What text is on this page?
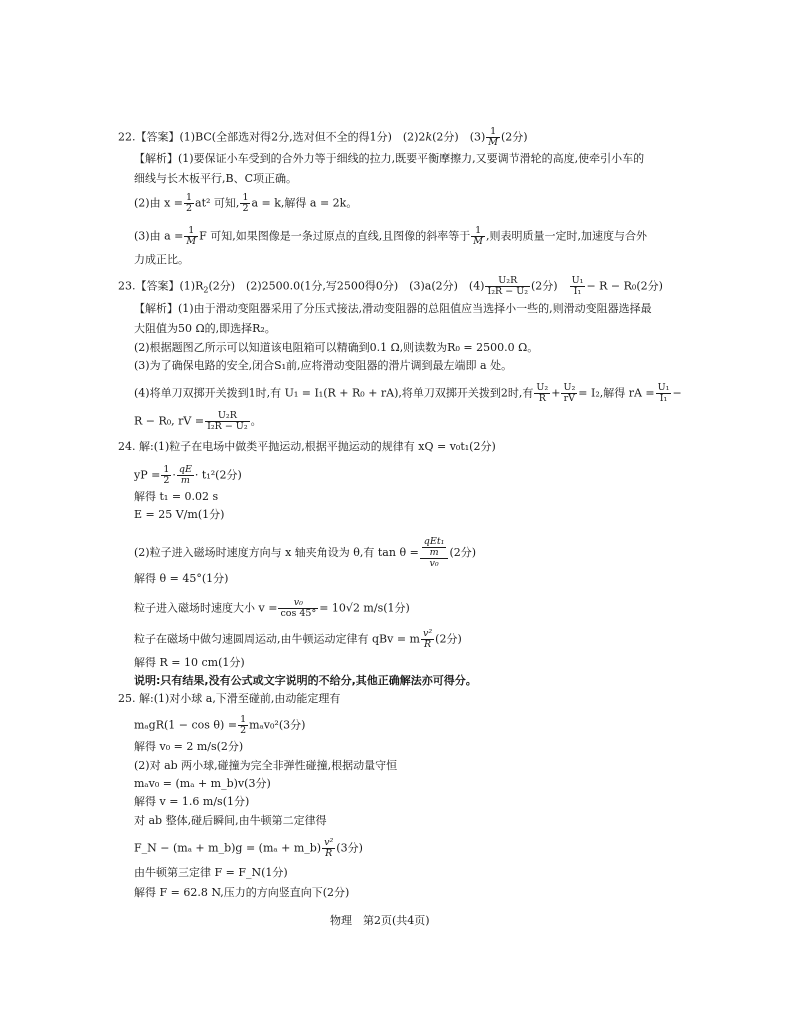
22.【答案】(1)BC(全部选对得2分,选对但不全的得1分)　(2)2k(2分)　$(3) \frac{1}{M} (2$分)
【解析】(1)要保证小车受到的合外力等于细线的拉力,既要平衡摩擦力,又要调节滑轮的高度,使牵引小车的
细线与长木板平行,B、C项正确。
(2)由 $x = \frac{1}{2} at^2$ 可知, $\frac{1}{2}$ a = k,解得 a = 2k。
(3)由 $a = \frac{1}{M}$ F 可知,如果图像是一条过原点的直线,且图像的斜率等于 $\frac{1}{M}$ ,则表明质量一定时,加速度与合外
力成正比。
23.【答案】$(1)R_2(2$分)　(2)2500.0(1分,写2500得0分)　(3)a(2分)　$(4) \frac{\text{U₂R}}{\text{I₂R − U₂}} (2$分)　 $\frac{\text{U₁}}{\text{I₁}} - R - R_0(2$分)
【解析】(1)由于滑动变阻器采用了分压式接法,滑动变阻器的总阻值应当选择小一些的,则滑动变阻器选择最
大阻值为50 Ω的,即选择R₂。
(2)根据题图乙所示可以知道该电阻箱可以精确到0.1 Ω,则读数为R₀ = 2500.0 Ω。
(3)为了确保电路的安全,闭合S₁前,应将滑动变阻器的滑片调到最左端即 a 处。
(4)将单刀双掷开关拨到1时,有 U₁ = I₁(R + R₀ + rA),将单刀双掷开关拨到2时,有 $\frac{\text{U₂}}{R} + \frac{\text{U₂}}{rV} = I_2$,解得 rA = $\frac{\text{U₁}}{\text{I₁}}$ −
R − R₀, rV = $\frac{\text{U₂R}}{\text{I₂R − U₂}}$ 。
24. 解:(1)粒子在电场中做类平抛运动,根据平抛运动的规律有 xQ = v₀t₁(2分)
yP = $\frac{1}{2} \cdot \frac{qE}{m} \cdot t_1^2(2$分)
解得 t₁ = 0.02 s
E = 25 V/m(1分)
(2)粒子进入磁场时速度方向与 x 轴夹角设为 θ,有 $\tan \theta = \frac{\frac{\text{qEt₁}}{m}}{\text{v₀}} (2$分)
解得 θ = 45°(1分)
粒子进入磁场时速度大小 $v = \frac{\text{v₀}}{\cos 45^\circ} = 10√2$ m/s(1分)
粒子在磁场中做匀速圆周运动,由牛顿运动定律有 qBv = m $\frac{\text{v²}}{R} (2$分)
解得 R = 10 cm(1分)
说明:只有结果,没有公式或文字说明的不给分,其他正确解法亦可得分。
25. 解:(1)对小球 a,下滑至碰前,由动能定理有
$m_agR(1 - \cos \theta) = \frac{1}{2} m_av_0^2(3$分)
解得 v₀ = 2 m/s(2分)
(2)对 ab 两小球,碰撞为完全非弹性碰撞,根据动量守恒
mₐv₀ = (mₐ + m_b)v(3分)
解得 v = 1.6 m/s(1分)
对 ab 整体,碰后瞬间,由牛顿第二定律得
F_N − (mₐ + m_b)g = (mₐ + m_b) $\frac{\text{v²}}{R} (3$分)
由牛顿第三定律 F = F_N(1分)
解得 F = 62.8 N,压力的方向竖直向下(2分)
物理　第2页(共4页)
